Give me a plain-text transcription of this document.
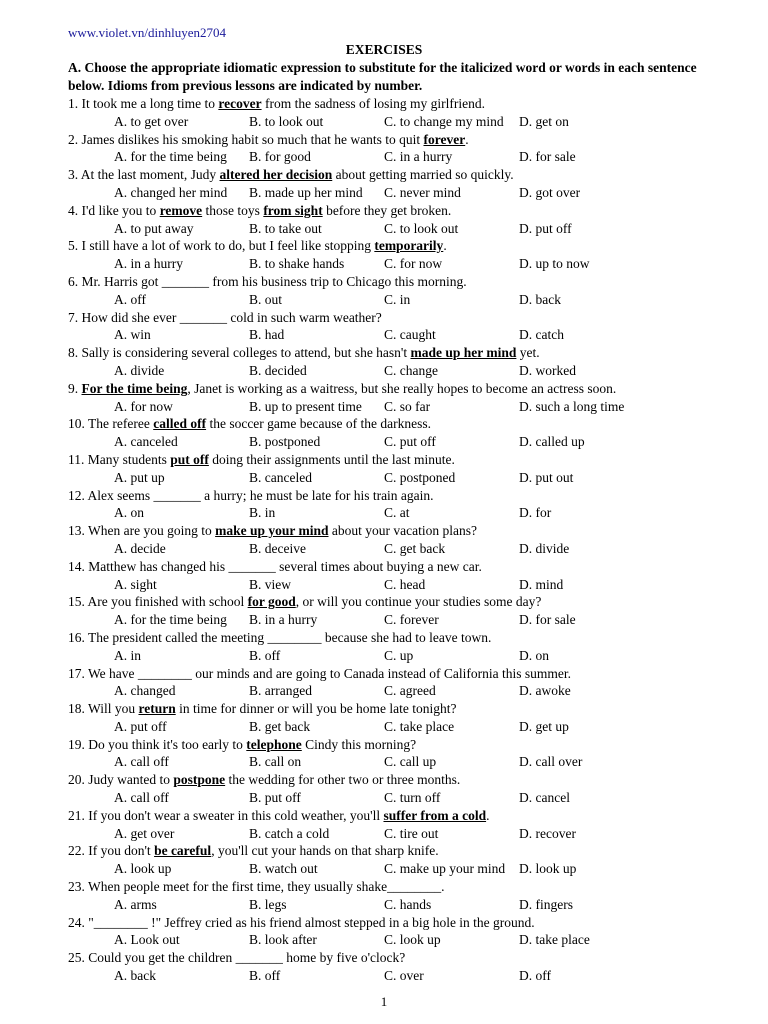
www.violet.vn/dinhluyen2704
EXERCISES
A. Choose the appropriate idiomatic expression to substitute for the italicized word or words in each sentence below. Idioms from previous lessons are indicated by number.
1. It took me a long time to recover from the sadness of losing my girlfriend.
A. to get over	B. to look out	C. to change my mind D. get on
2. James dislikes his smoking habit so much that he wants to quit forever.
A. for the time being B. for good	C. in a hurry	D. for sale
3. At the last moment, Judy altered her decision about getting married so quickly.
A. changed her mind B. made up her mind C. never mind	D. got over
4. I'd like you to remove those toys from sight before they get broken.
A. to put away	B. to take out	C. to look out	D. put off
5. I still have a lot of work to do, but I feel like stopping temporarily.
A. in a hurry	B. to shake hands	C. for now	D. up to now
6. Mr. Harris got _______ from his business trip to Chicago this morning.
A. off	B. out	C. in	D. back
7. How did she ever _______ cold in such warm weather?
A. win	B. had	C. caught	D. catch
8. Sally is considering several colleges to attend, but she hasn't made up her mind yet.
A. divide	B. decided	C. change	D. worked
9. For the time being, Janet is working as a waitress, but she really hopes to become an actress soon.
A. for now	B. up to present time C. so far	D. such a long time
10. The referee called off the soccer game because of the darkness.
A. canceled	B. postponed	C. put off	D. called up
11. Many students put off doing their assignments until the last minute.
A. put up	B. canceled	C. postponed	D. put out
12. Alex seems _______ a hurry; he must be late for his train again.
A. on	B. in	C. at	D. for
13. When are you going to make up your mind about your vacation plans?
A. decide	B. deceive	C. get back	D. divide
14. Matthew has changed his _______ several times about buying a new car.
A. sight	B. view	C. head	D. mind
15. Are you finished with school for good, or will you continue your studies some day?
A. for the time being B. in a hurry	C. forever	D. for sale
16. The president called the meeting ________ because she had to leave town.
A. in	B. off	C. up	D. on
17. We have ________ our minds and are going to Canada instead of California this summer.
A. changed	B. arranged	C. agreed	D. awoke
18. Will you return in time for dinner or will you be home late tonight?
A. put off	B. get back	C. take place	D. get up
19. Do you think it's too early to telephone Cindy this morning?
A. call off	B. call on	C. call up	D. call over
20. Judy wanted to postpone the wedding for other two or three months.
A. call off	B. put off	C. turn off	D. cancel
21. If you don't wear a sweater in this cold weather, you'll suffer from a cold.
A. get over	B. catch a cold	C. tire out	D. recover
22. If you don't be careful, you'll cut your hands on that sharp knife.
A. look up	B. watch out	C. make up your mind D. look up
23. When people meet for the first time, they usually shake________.
A. arms	B. legs	C. hands	D. fingers
24. "________ !" Jeffrey cried as his friend almost stepped in a big hole in the ground.
A. Look out	B. look after	C. look up	D. take place
25. Could you get the children _______ home by five o'clock?
A. back	B. off	C. over	D. off
1
